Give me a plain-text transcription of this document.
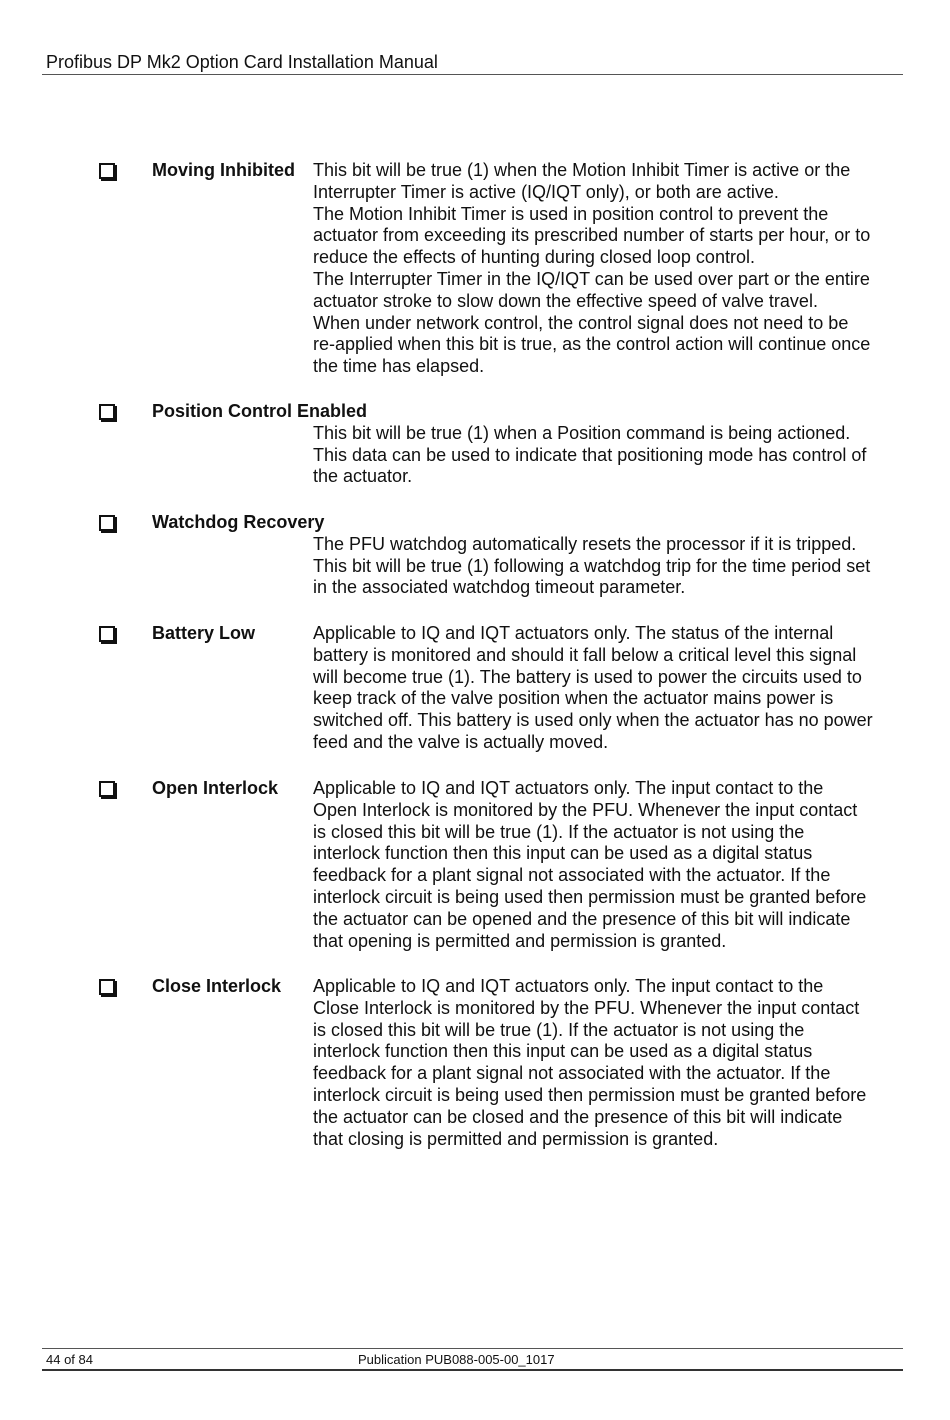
Profibus DP Mk2 Option Card Installation Manual
Moving Inhibited This bit will be true (1) when the Motion Inhibit Timer is active or the
Interrupter Timer is active (IQ/IQT only), or both are active.
The Motion Inhibit Timer is used in position control to prevent the
actuator from exceeding its prescribed number of starts per hour, or to
reduce the effects of hunting during closed loop control.
The Interrupter Timer in the IQ/IQT can be used over part or the entire
actuator stroke to slow down the effective speed of valve travel.
When under network control, the control signal does not need to be
re-applied when this bit is true, as the control action will continue once
the time has elapsed.
Position Control Enabled
This bit will be true (1) when a Position command is being actioned.
This data can be used to indicate that positioning mode has control of
the actuator.
Watchdog Recovery
The PFU watchdog automatically resets the processor if it is tripped.
This bit will be true (1) following a watchdog trip for the time period set
in the associated watchdog timeout parameter.
Battery Low	Applicable to IQ and IQT actuators only. The status of the internal
battery is monitored and should it fall below a critical level this signal
will become true (1). The battery is used to power the circuits used to
keep track of the valve position when the actuator mains power is
switched off. This battery is used only when the actuator has no power
feed and the valve is actually moved.
Open Interlock Applicable to IQ and IQT actuators only. The input contact to the
Open Interlock is monitored by the PFU. Whenever the input contact
is closed this bit will be true (1). If the actuator is not using the
interlock function then this input can be used as a digital status
feedback for a plant signal not associated with the actuator. If the
interlock circuit is being used then permission must be granted before
the actuator can be opened and the presence of this bit will indicate
that opening is permitted and permission is granted.
Close Interlock Applicable to IQ and IQT actuators only. The input contact to the
Close Interlock is monitored by the PFU. Whenever the input contact
is closed this bit will be true (1). If the actuator is not using the
interlock function then this input can be used as a digital status
feedback for a plant signal not associated with the actuator. If the
interlock circuit is being used then permission must be granted before
the actuator can be closed and the presence of this bit will indicate
that closing is permitted and permission is granted.
44 of 84	Publication PUB088-005-00_1017
